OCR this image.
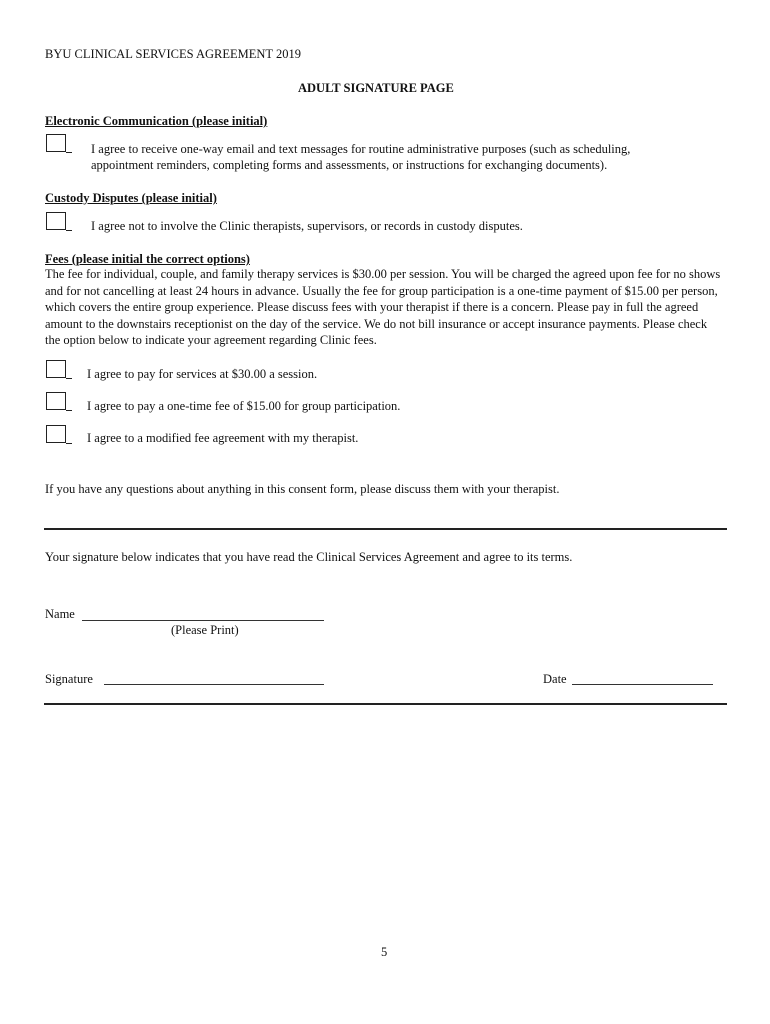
BYU CLINICAL SERVICES AGREEMENT 2019
ADULT SIGNATURE PAGE
Electronic Communication (please initial)
I agree to receive one-way email and text messages for routine administrative purposes (such as scheduling,
appointment reminders, completing forms and assessments, or instructions for exchanging documents).
Custody Disputes (please initial)
I agree not to involve the Clinic therapists, supervisors, or records in custody disputes.
Fees (please initial the correct options)
The fee for individual, couple, and family therapy services is $30.00 per session. You will be charged the agreed upon fee for no shows and for not cancelling at least 24 hours in advance. Usually the fee for group participation is a one-time payment of $15.00 per person, which covers the entire group experience. Please discuss fees with your therapist if there is a concern. Please pay in full the agreed amount to the downstairs receptionist on the day of the service. We do not bill insurance or accept insurance payments. Please check the option below to indicate your agreement regarding Clinic fees.
I agree to pay for services at $30.00 a session.
I agree to pay a one-time fee of $15.00 for group participation.
I agree to a modified fee agreement with my therapist.
If you have any questions about anything in this consent form, please discuss them with your therapist.
Your signature below indicates that you have read the Clinical Services Agreement and agree to its terms.
Name
(Please Print)
Signature	Date
5
